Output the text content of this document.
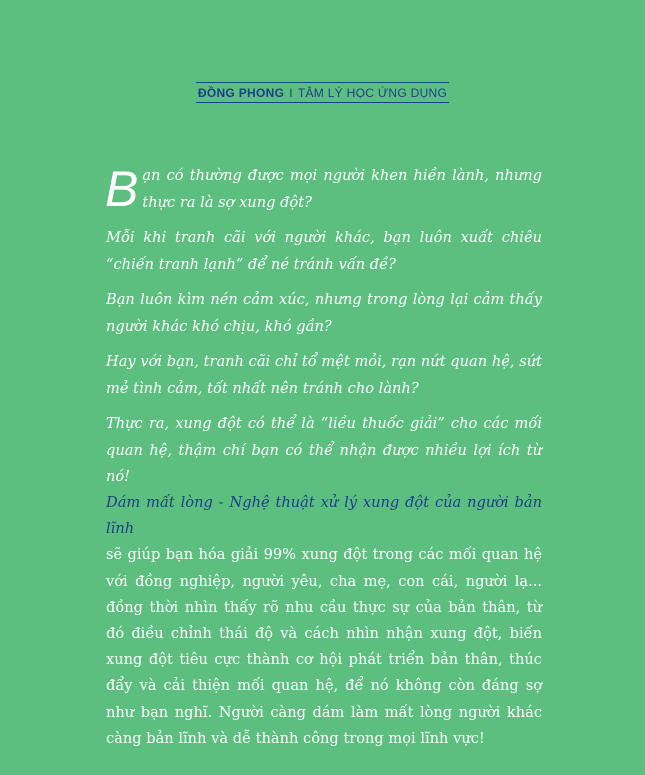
ĐỒNG PHONG I TÂM LÝ HỌC ỨNG DỤNG

Bạn có thường được mọi người khen hiền lành, nhưng thực ra là sợ xung đột?

Mỗi khi tranh cãi với người khác, bạn luôn xuất chiêu “chiến tranh lạnh” để né tránh vấn đề?

Bạn luôn kìm nén cảm xúc, nhưng trong lòng lại cảm thấy người khác khó chịu, khó gần?

Hay với bạn, tranh cãi chỉ tổ mệt mỏi, rạn nứt quan hệ, sứt mẻ tình cảm, tốt nhất nên tránh cho lành?

Thực ra, xung đột có thể là “liều thuốc giải” cho các mối quan hệ, thậm chí bạn có thể nhận được nhiều lợi ích từ nó!

Dám mất lòng - Nghệ thuật xử lý xung đột của người bản lĩnh
sẽ giúp bạn hóa giải 99% xung đột trong các mối quan hệ với đồng nghiệp, người yêu, cha mẹ, con cái, người lạ... đồng thời nhìn thấy rõ nhu cầu thực sự của bản thân, từ đó điều chỉnh thái độ và cách nhìn nhận xung đột, biến xung đột tiêu cực thành cơ hội phát triển bản thân, thúc đẩy và cải thiện mối quan hệ, để nó không còn đáng sợ như bạn nghĩ. Người càng dám làm mất lòng người khác càng bản lĩnh và dễ thành công trong mọi lĩnh vực!
